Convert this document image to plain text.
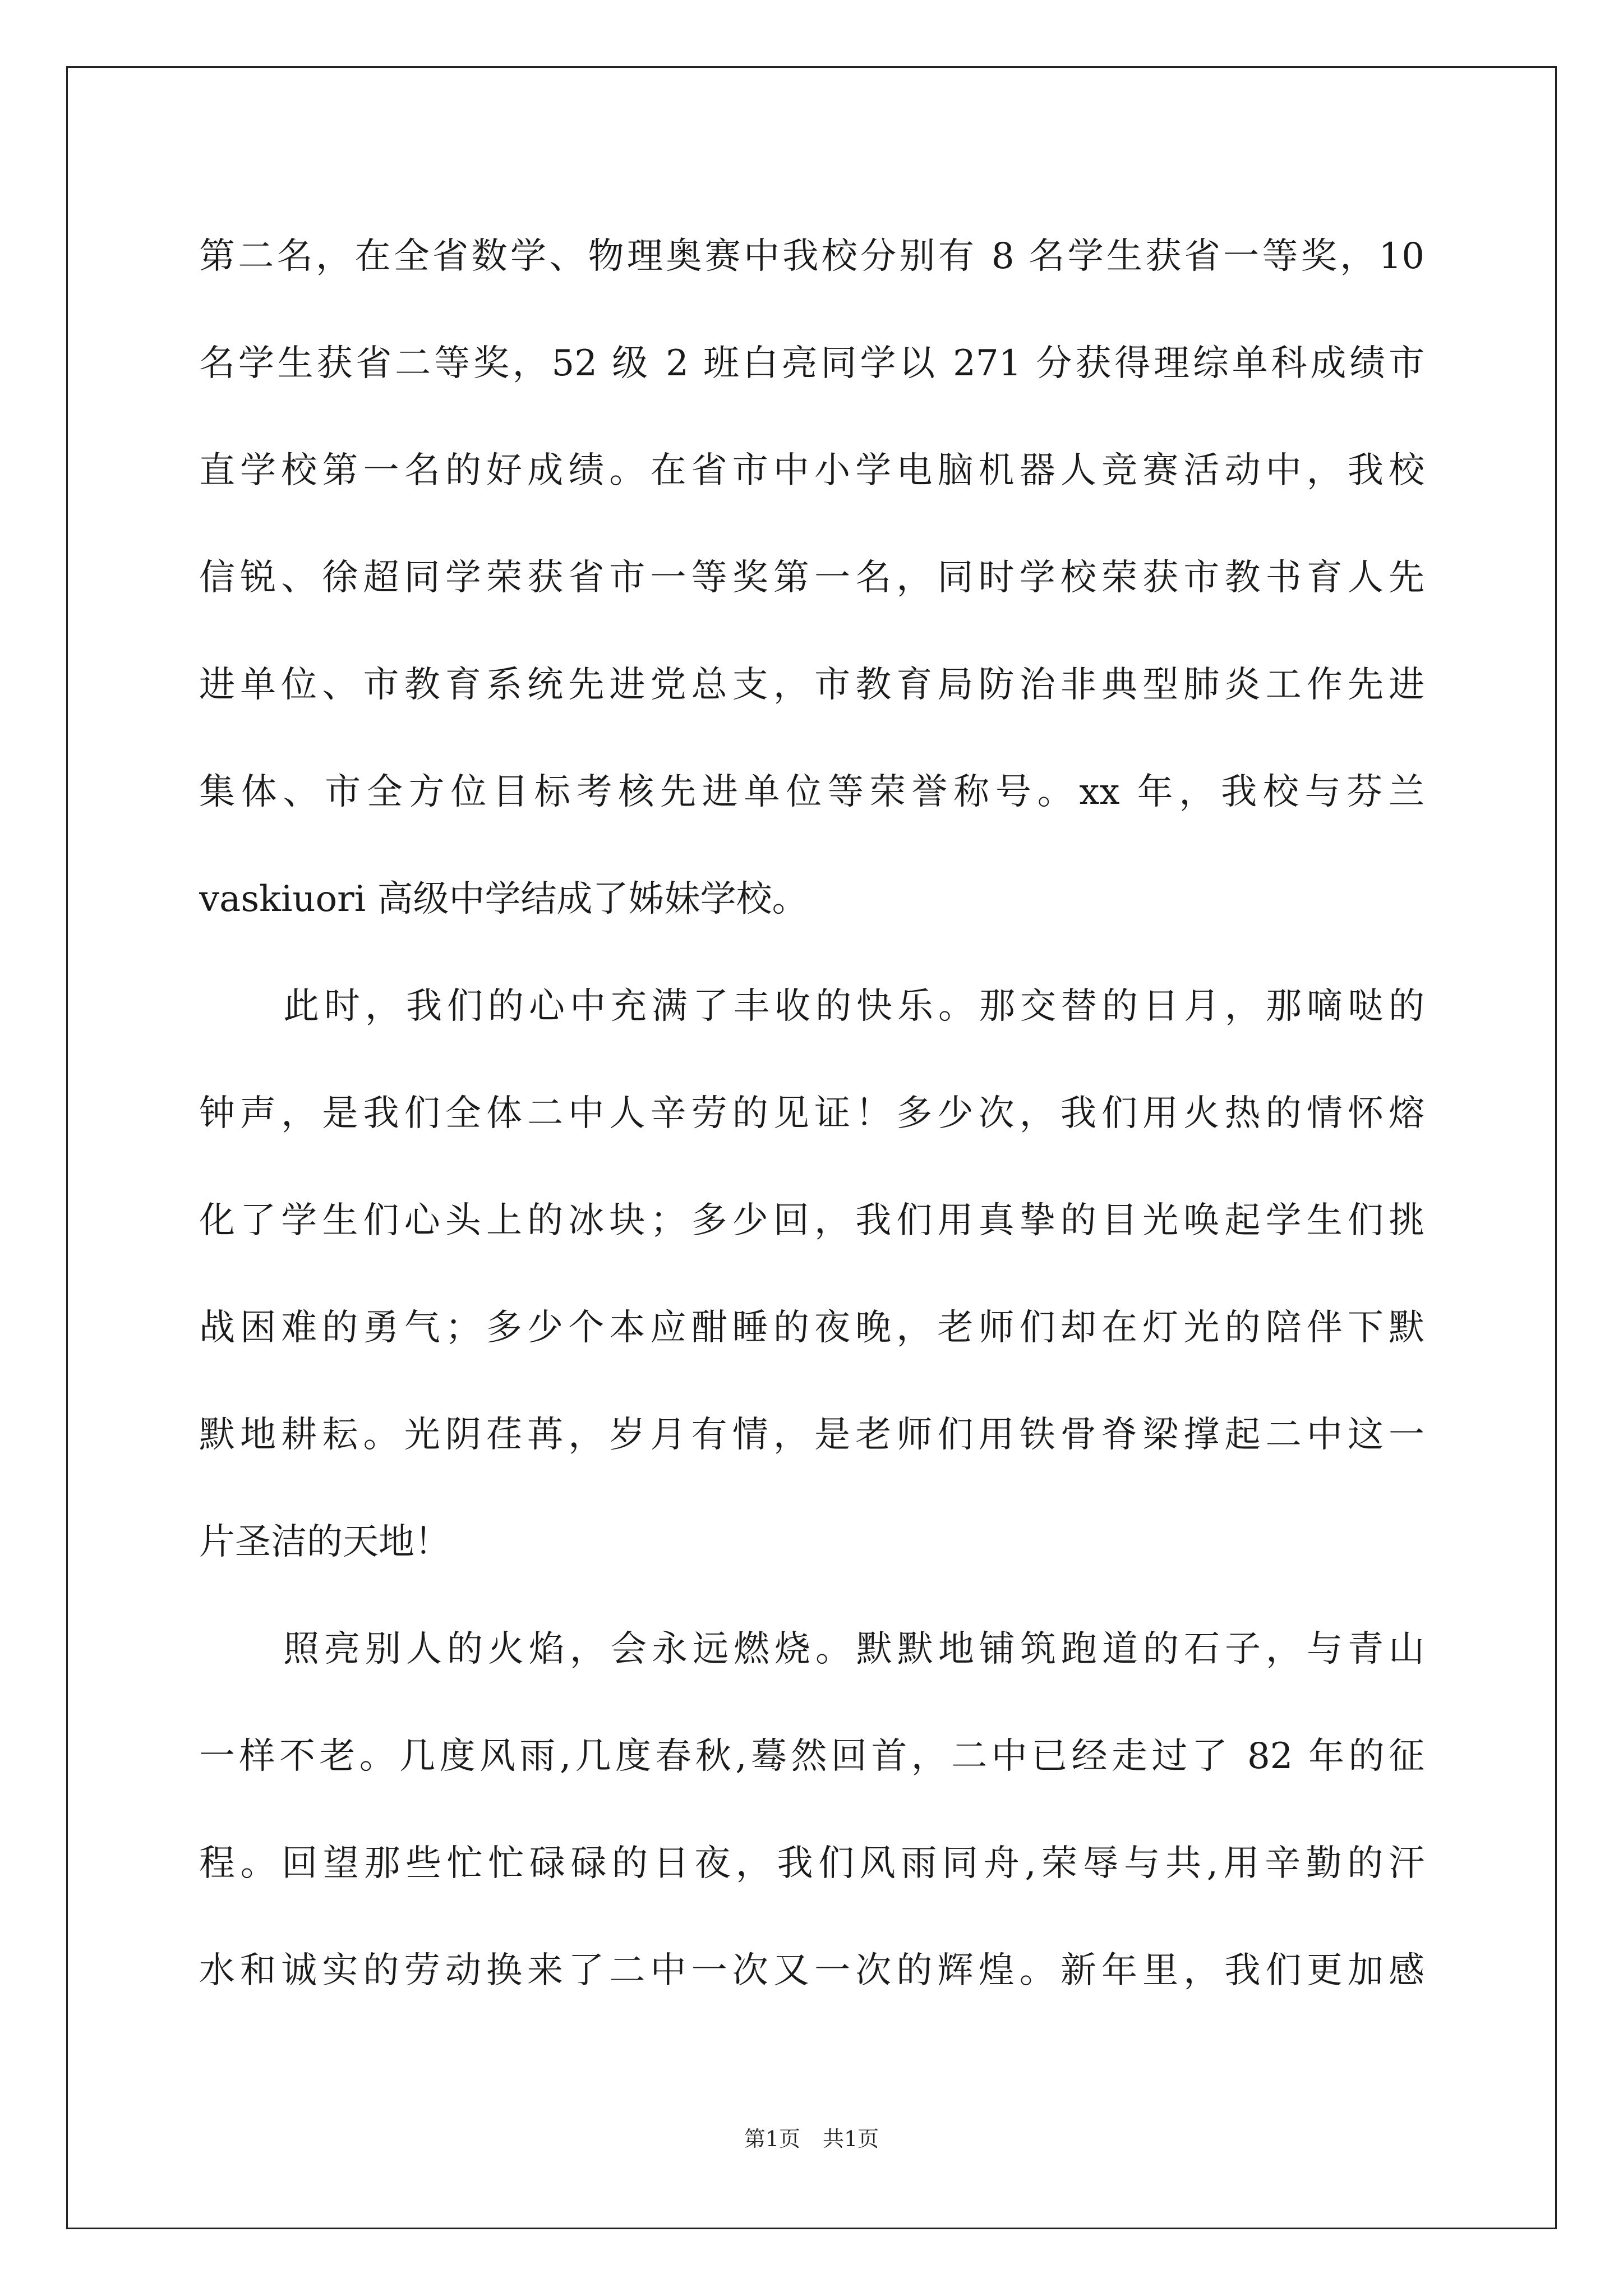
第二名，在全省数学、物理奥赛中我校分别有 8 名学生获省一等奖，10
名学生获省二等奖，52 级 2 班白亮同学以 271 分获得理综单科成绩市
直学校第一名的好成绩。在省市中小学电脑机器人竞赛活动中，我校
信锐、徐超同学荣获省市一等奖第一名，同时学校荣获市教书育人先
进单位、市教育系统先进党总支，市教育局防治非典型肺炎工作先进
集体、市全方位目标考核先进单位等荣誉称号。xx 年，我校与芬兰
vaskiuori 高级中学结成了姊妹学校。
此时，我们的心中充满了丰收的快乐。那交替的日月，那嘀哒的
钟声，是我们全体二中人辛劳的见证！多少次，我们用火热的情怀熔
化了学生们心头上的冰块；多少回，我们用真挚的目光唤起学生们挑
战困难的勇气；多少个本应酣睡的夜晚，老师们却在灯光的陪伴下默
默地耕耘。光阴荏苒，岁月有情，是老师们用铁骨脊梁撑起二中这一
片圣洁的天地！
照亮别人的火焰，会永远燃烧。默默地铺筑跑道的石子，与青山
一样不老。几度风雨,几度春秋,蓦然回首，二中已经走过了 82 年的征
程。回望那些忙忙碌碌的日夜，我们风雨同舟,荣辱与共,用辛勤的汗
水和诚实的劳动换来了二中一次又一次的辉煌。新年里，我们更加感
第1页 共1页
